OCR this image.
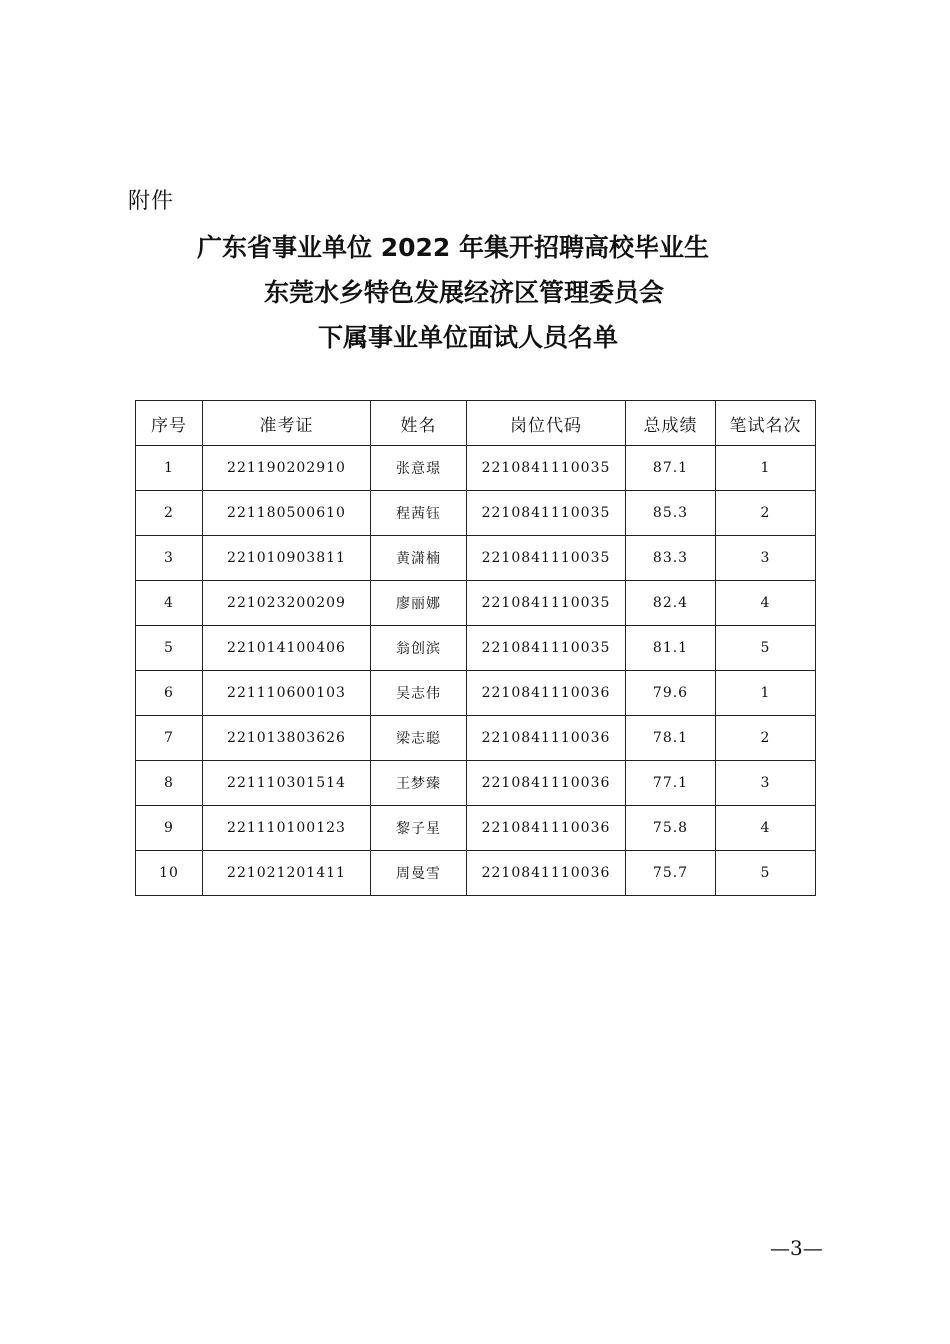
附件
广东省事业单位 2022 年集开招聘高校毕业生
东莞水乡特色发展经济区管理委员会
下属事业单位面试人员名单
序号	准考证	姓名	岗位代码	总成绩	笔试名次
1	221190202910	张意璟	2210841110035	87.1	1
2	221180500610	程茜钰	2210841110035	85.3	2
3	221010903811	黄潇楠	2210841110035	83.3	3
4	221023200209	廖丽娜	2210841110035	82.4	4
5	221014100406	翁创滨	2210841110035	81.1	5
6	221110600103	吴志伟	2210841110036	79.6	1
7	221013803626	梁志聪	2210841110036	78.1	2
8	221110301514	王梦臻	2210841110036	77.1	3
9	221110100123	黎子星	2210841110036	75.8	4
10	221021201411	周曼雪	2210841110036	75.7	5
—3—
